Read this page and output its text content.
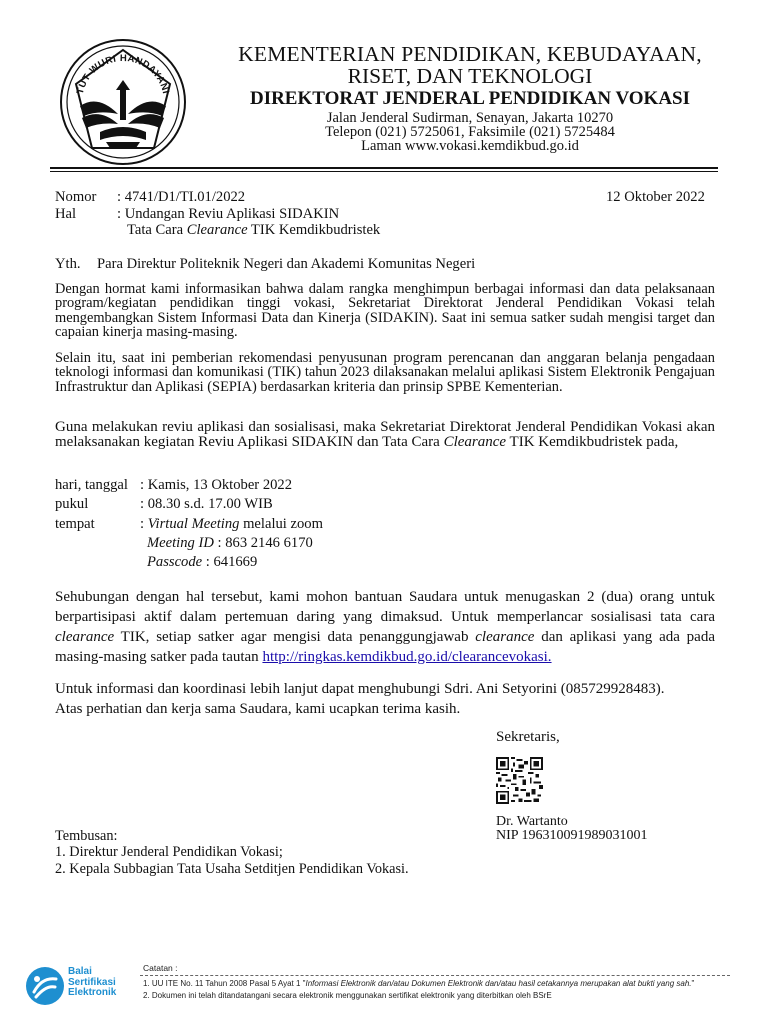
TUT WURI HANDAYANI
KEMENTERIAN PENDIDIKAN, KEBUDAYAAN,
RISET, DAN TEKNOLOGI
DIREKTORAT JENDERAL PENDIDIKAN VOKASI
Jalan Jenderal Sudirman, Senayan, Jakarta 10270
Telepon (021) 5725061, Faksimile (021) 5725484
Laman www.vokasi.kemdikbud.go.id
Nomor : 4741/D1/TI.01/2022	12 Oktober 2022
Hal	: Undangan Reviu Aplikasi SIDAKIN
Tata Cara Clearance TIK Kemdikbudristek
Yth. Para Direktur Politeknik Negeri dan Akademi Komunitas Negeri
Dengan hormat kami informasikan bahwa dalam rangka menghimpun berbagai informasi dan data pelaksanaan program/kegiatan pendidikan tinggi vokasi, Sekretariat Direktorat Jenderal Pendidikan Vokasi telah mengembangkan Sistem Informasi Data dan Kinerja (SIDAKIN). Saat ini semua satker sudah mengisi target dan capaian kinerja masing-masing.
Selain itu, saat ini pemberian rekomendasi penyusunan program perencanan dan anggaran belanja pengadaan teknologi informasi dan komunikasi (TIK) tahun 2023 dilaksanakan melalui aplikasi Sistem Elektronik Pengajuan Infrastruktur dan Aplikasi (SEPIA) berdasarkan kriteria dan prinsip SPBE Kementerian.
Guna melakukan reviu aplikasi dan sosialisasi, maka Sekretariat Direktorat Jenderal Pendidikan Vokasi akan melaksanakan kegiatan Reviu Aplikasi SIDAKIN dan Tata Cara Clearance TIK Kemdikbudristek pada,
hari, tanggal : Kamis, 13 Oktober 2022
pukul	: 08.30 s.d. 17.00 WIB
tempat	: Virtual Meeting melalui zoom
Meeting ID : 863 2146 6170
Passcode : 641669
Sehubungan dengan hal tersebut, kami mohon bantuan Saudara untuk menugaskan 2 (dua) orang untuk berpartisipasi aktif dalam pertemuan daring yang dimaksud. Untuk memperlancar sosialisasi tata cara clearance TIK, setiap satker agar mengisi data penanggungjawab clearance dan aplikasi yang ada pada masing-masing satker pada tautan http://ringkas.kemdikbud.go.id/clearancevokasi.
Untuk informasi dan koordinasi lebih lanjut dapat menghubungi Sdri. Ani Setyorini (085729928483).
Atas perhatian dan kerja sama Saudara, kami ucapkan terima kasih.
Sekretaris,
Dr. Wartanto
NIP 196310091989031001
Tembusan:
1. Direktur Jenderal Pendidikan Vokasi;
2. Kepala Subbagian Tata Usaha Setditjen Pendidikan Vokasi.
Balai
Sertifikasi
Elektronik
Catatan :
1. UU ITE No. 11 Tahun 2008 Pasal 5 Ayat 1 "Informasi Elektronik dan/atau Dokumen Elektronik dan/atau hasil cetakannya merupakan alat bukti yang sah."
2. Dokumen ini telah ditandatangani secara elektronik menggunakan sertifikat elektronik yang diterbitkan oleh BSrE
